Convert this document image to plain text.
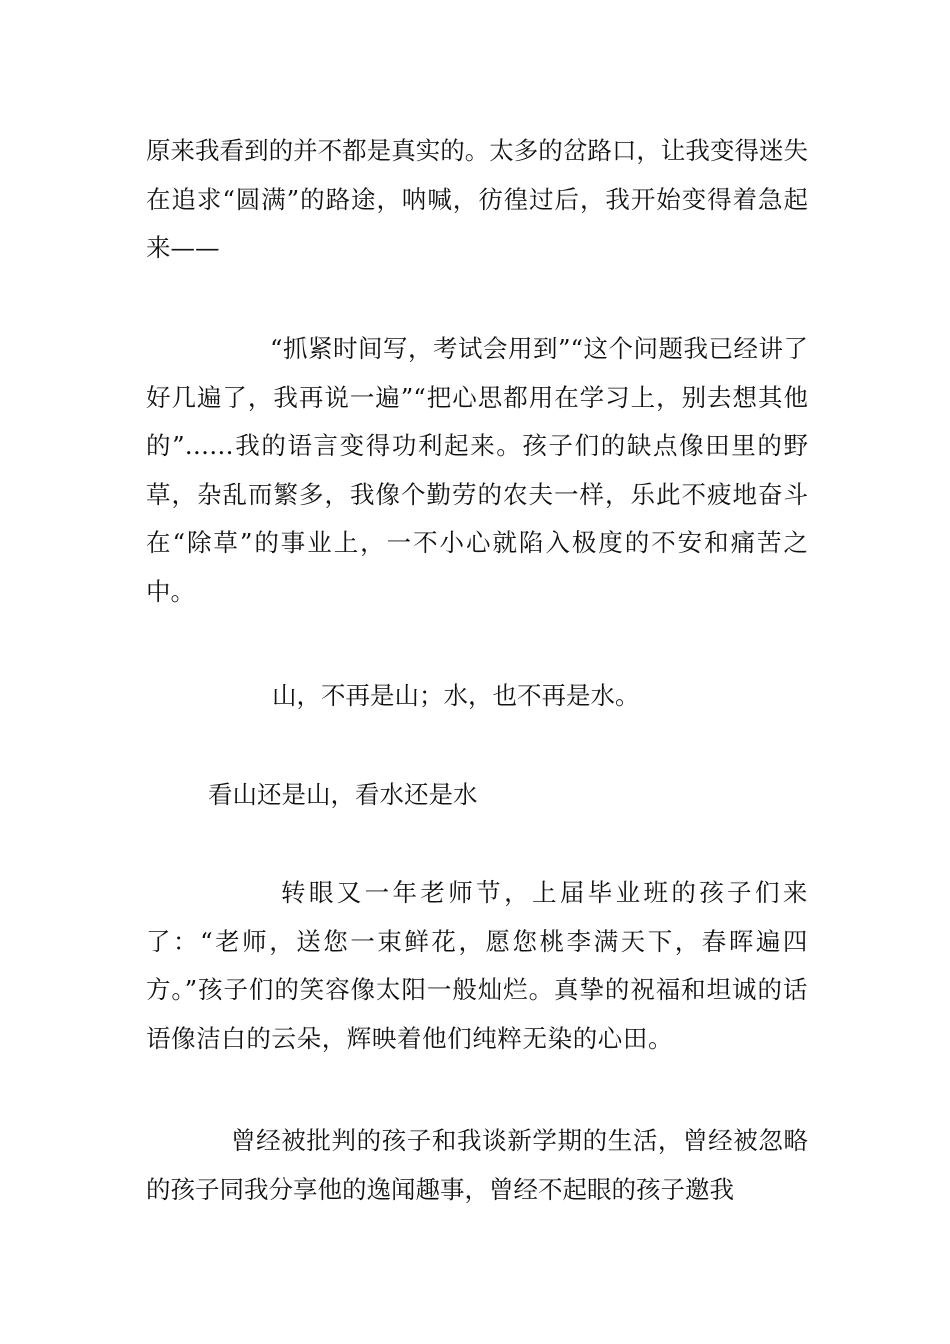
原来我看到的并不都是真实的。太多的岔路口，让我变得迷失在追求“圆满”的路途，呐喊，彷徨过后，我开始变得着急起来——

“抓紧时间写，考试会用到”“这个问题我已经讲了好几遍了，我再说一遍”“把心思都用在学习上，别去想其他的”……我的语言变得功利起来。孩子们的缺点像田里的野草，杂乱而繁多，我像个勤劳的农夫一样，乐此不疲地奋斗在“除草”的事业上，一不小心就陷入极度的不安和痛苦之中。

山，不再是山；水，也不再是水。

看山还是山，看水还是水

转眼又一年老师节，上届毕业班的孩子们来了：“老师，送您一束鲜花，愿您桃李满天下，春晖遍四方。”孩子们的笑容像太阳一般灿烂。真挚的祝福和坦诚的话语像洁白的云朵，辉映着他们纯粹无染的心田。

曾经被批判的孩子和我谈新学期的生活，曾经被忽略的孩子同我分享他的逸闻趣事，曾经不起眼的孩子邀我
